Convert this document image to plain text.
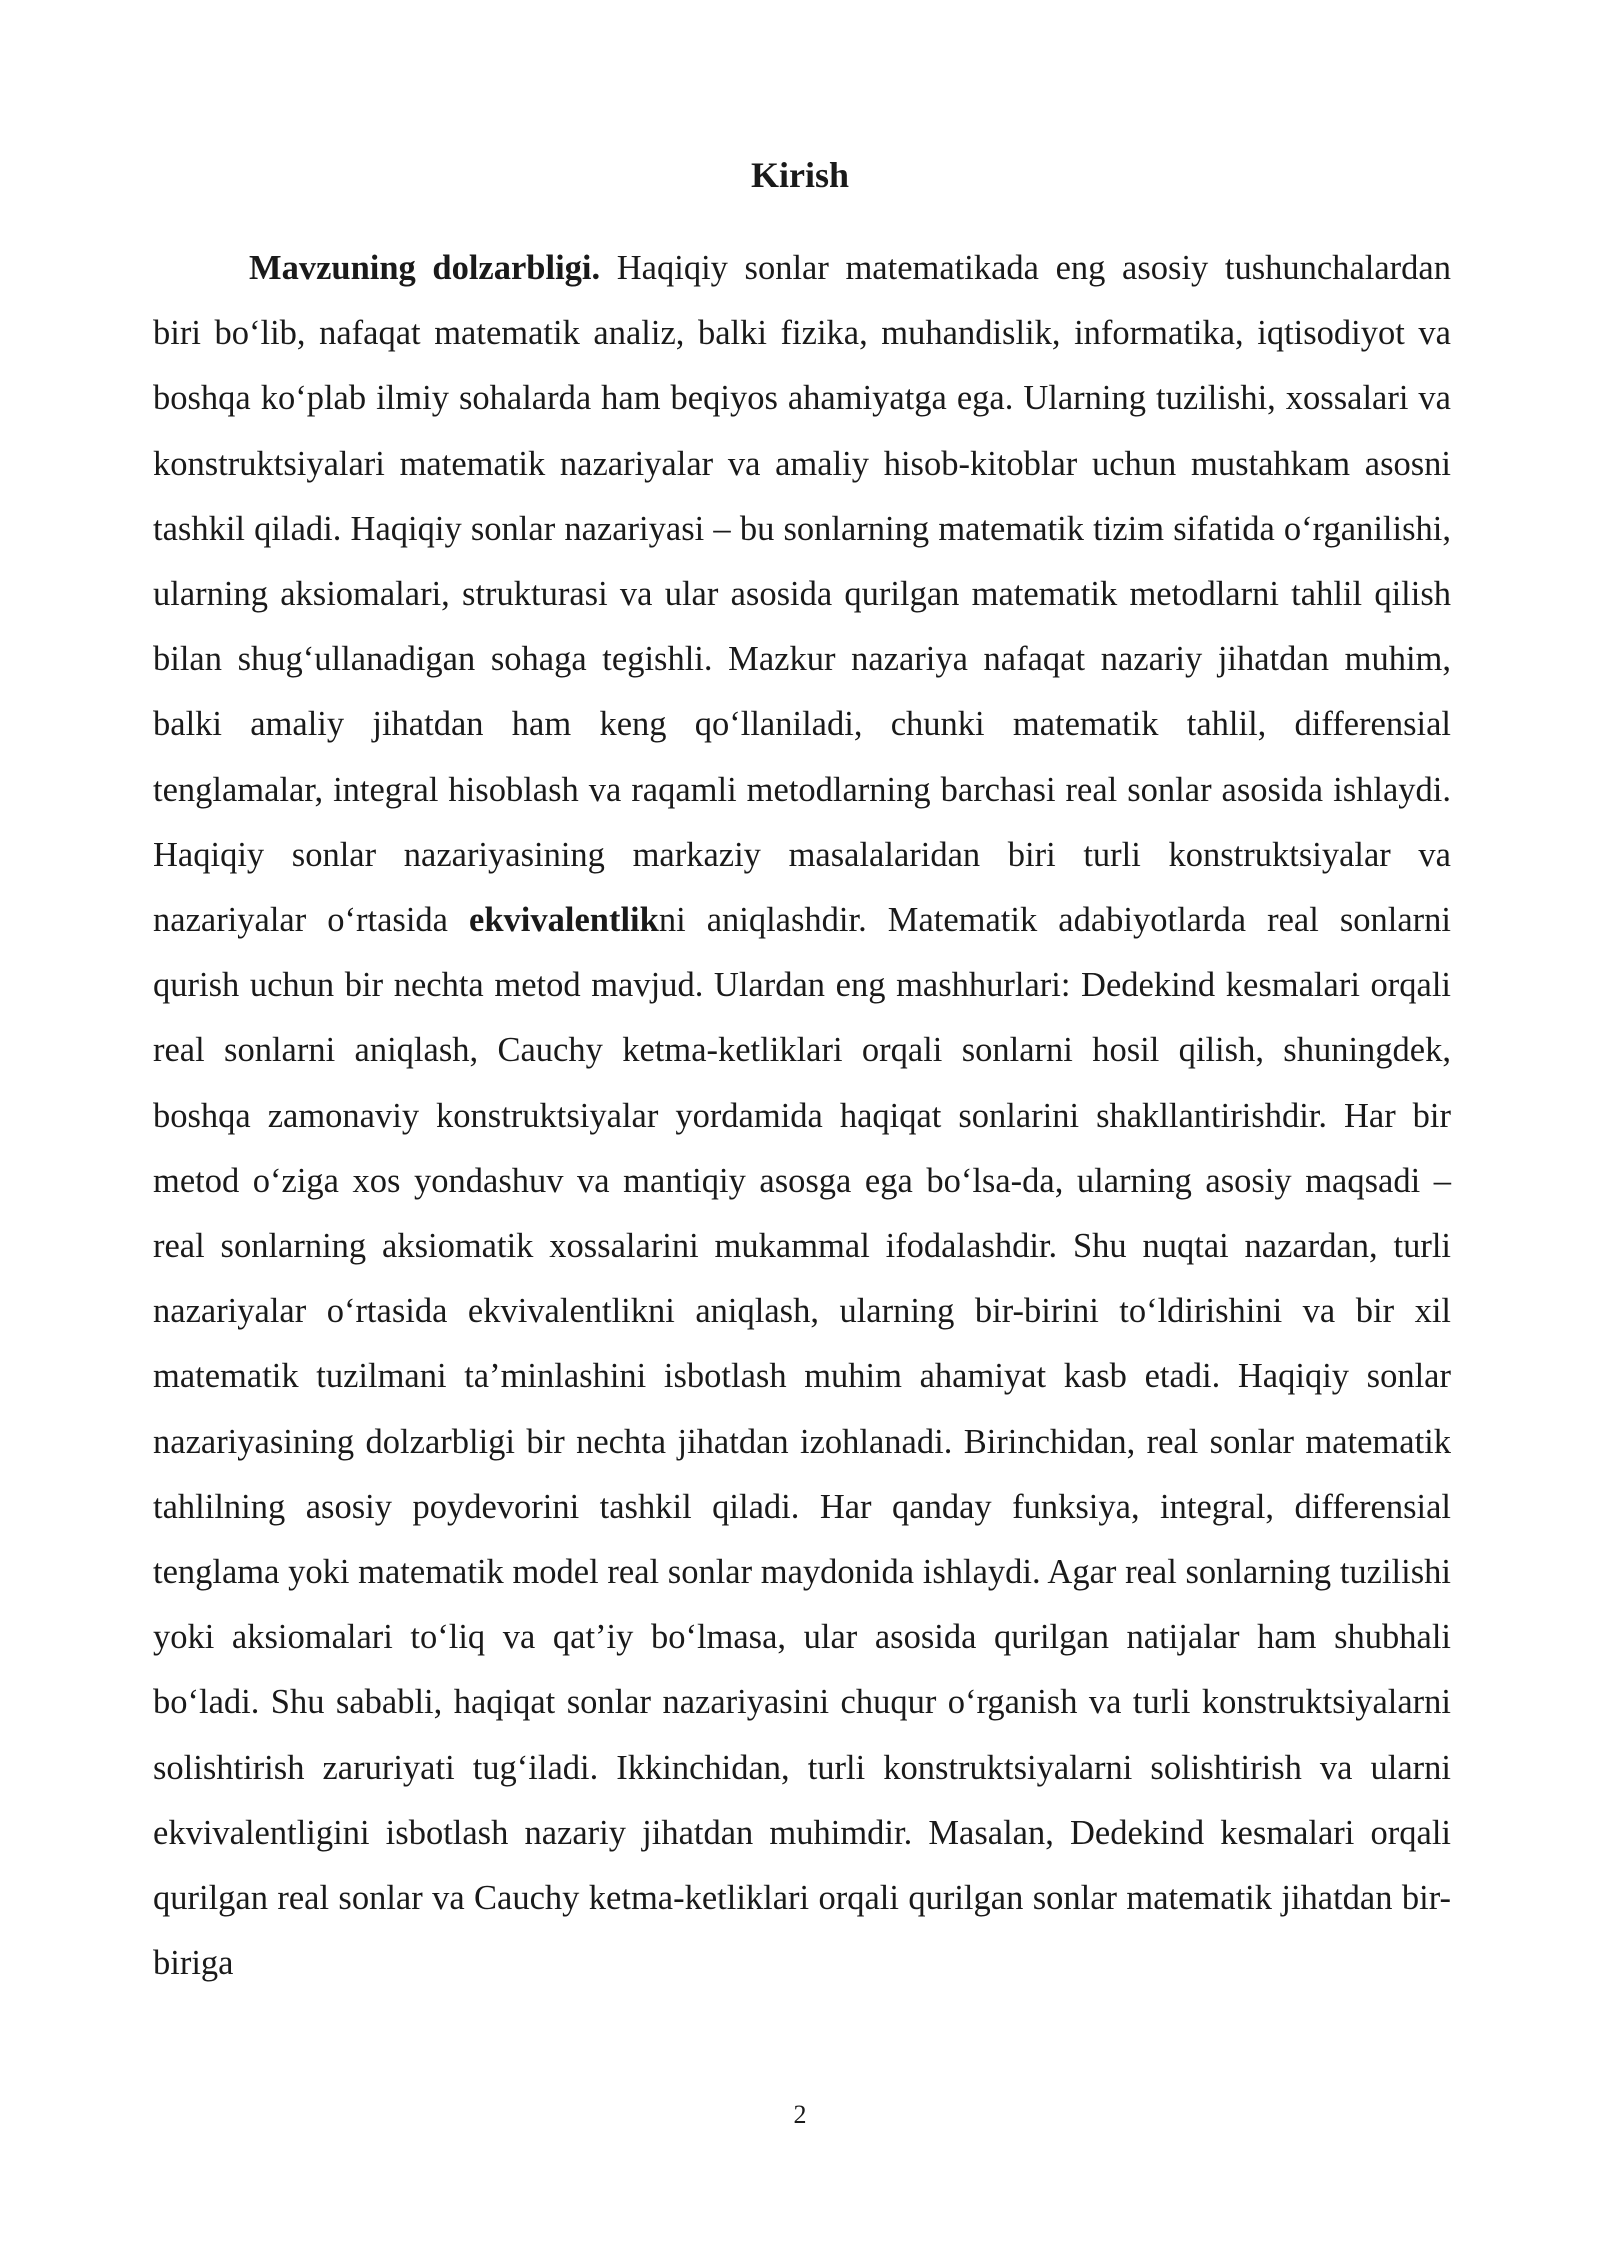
Kirish

Mavzuning dolzarbligi. Haqiqiy sonlar matematikada eng asosiy tushunchalardan biri bo‘lib, nafaqat matematik analiz, balki fizika, muhandislik, informatika, iqtisodiyot va boshqa ko‘plab ilmiy sohalarda ham beqiyos ahamiyatga ega. Ularning tuzilishi, xossalari va konstruktsiyalari matematik nazariyalar va amaliy hisob-kitoblar uchun mustahkam asosni tashkil qiladi. Haqiqiy sonlar nazariyasi – bu sonlarning matematik tizim sifatida o‘rganilishi, ularning aksiomalari, strukturasi va ular asosida qurilgan matematik metodlarni tahlil qilish bilan shug‘ullanadigan sohaga tegishli. Mazkur nazariya nafaqat nazariy jihatdan muhim, balki amaliy jihatdan ham keng qo‘llaniladi, chunki matematik tahlil, differensial tenglamalar, integral hisoblash va raqamli metodlarning barchasi real sonlar asosida ishlaydi. Haqiqiy sonlar nazariyasining markaziy masalalaridan biri turli konstruktsiyalar va nazariyalar o‘rtasida ekvivalentlikni aniqlashdir. Matematik adabiyotlarda real sonlarni qurish uchun bir nechta metod mavjud. Ulardan eng mashhurlari: Dedekind kesmalari orqali real sonlarni aniqlash, Cauchy ketma-ketliklari orqali sonlarni hosil qilish, shuningdek, boshqa zamonaviy konstruktsiyalar yordamida haqiqat sonlarini shakllantirishdir. Har bir metod o‘ziga xos yondashuv va mantiqiy asosga ega bo‘lsa-da, ularning asosiy maqsadi – real sonlarning aksiomatik xossalarini mukammal ifodalashdir. Shu nuqtai nazardan, turli nazariyalar o‘rtasida ekvivalentlikni aniqlash, ularning bir-birini to‘ldirishini va bir xil matematik tuzilmani ta’minlashini isbotlash muhim ahamiyat kasb etadi. Haqiqiy sonlar nazariyasining dolzarbligi bir nechta jihatdan izohlanadi. Birinchidan, real sonlar matematik tahlilning asosiy poydevorini tashkil qiladi. Har qanday funksiya, integral, differensial tenglama yoki matematik model real sonlar maydonida ishlaydi. Agar real sonlarning tuzilishi yoki aksiomalari to‘liq va qat’iy bo‘lmasa, ular asosida qurilgan natijalar ham shubhali bo‘ladi. Shu sababli, haqiqat sonlar nazariyasini chuqur o‘rganish va turli konstruktsiyalarni solishtirish zaruriyati tug‘iladi. Ikkinchidan, turli konstruktsiyalarni solishtirish va ularni ekvivalentligini isbotlash nazariy jihatdan muhimdir. Masalan, Dedekind kesmalari orqali qurilgan real sonlar va Cauchy ketma-ketliklari orqali qurilgan sonlar matematik jihatdan bir-biriga

2
